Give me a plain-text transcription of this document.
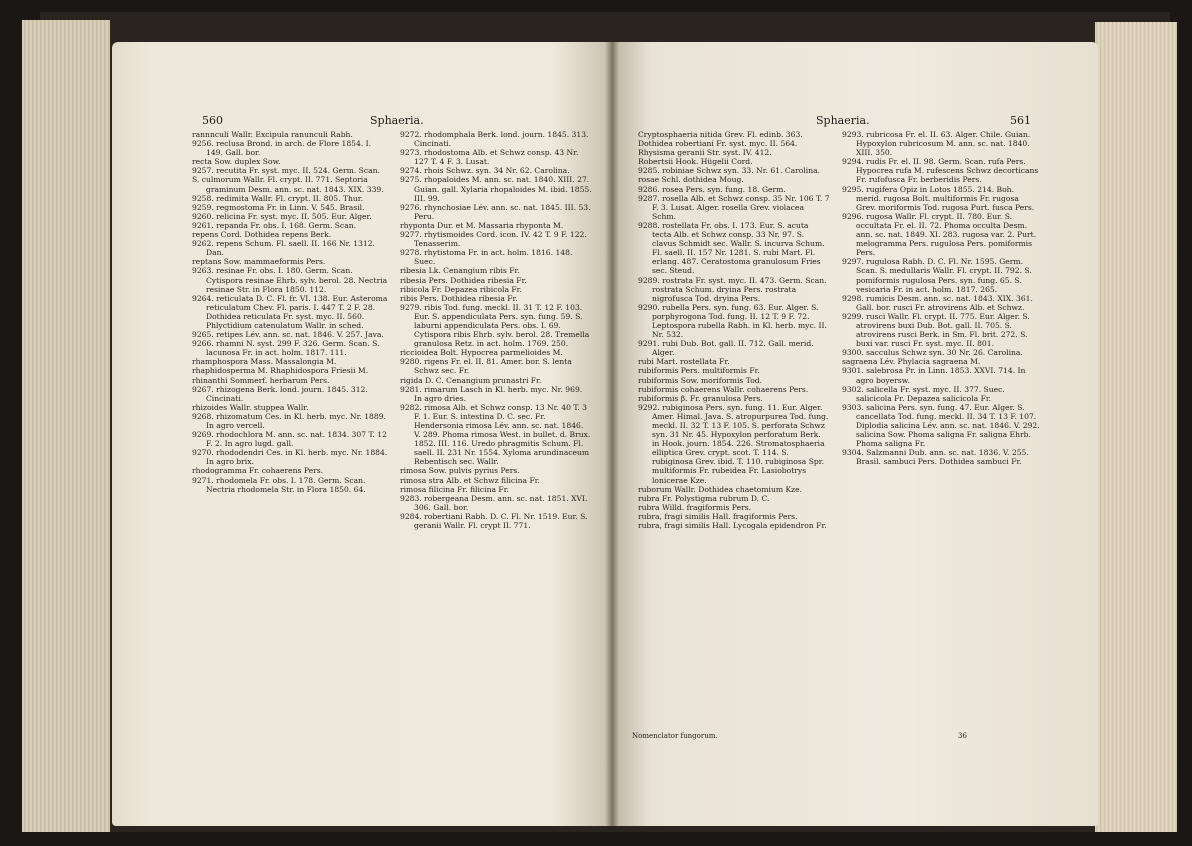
560	Sphaeria.

rannnculi Wallr. Excipula ranunculi Rabh.

9256. reclusa Brond. in arch. de Flore 1854. I. 149. Gall. bor.

recta Sow. duplex Sow.

9257. recutita Fr. syst. myc. II. 524. Germ. Scan.

S. culmorum Wallr. Fl. crypt. II. 771. Septoria graminum Desm. ann. sc. nat. 1843. XIX. 339.

9258. redimita Wallr. Fl. crypt. II. 805. Thur.

9259. regmostoma Fr. in Linn. V. 545. Brasil.

9260. relicina Fr. syst. myc. II. 505. Eur. Alger.

9261. repanda Fr. obs. I. 168. Germ. Scan.

repens Cord. Dothidea repens Berk.

9262. repens Schum. Fl. saell. II. 166 Nr. 1312. Dan.

reptans Sow. mammaeformis Pers.

9263. resinae Fr. obs. I. 180. Germ. Scan. Cytispora resinae Ehrb. sylv. berol. 28. Nectria resinae Str. in Flora 1850. 112.

9264. reticulata D. C. Fl. fr. VI. 138. Eur. Asteroma reticulatum Chev. Fl. paris. I. 447 T. 2 F. 28. Dothidea reticulata Fr. syst. myc. II. 560. Phlyctidium catenulatum Wallr. in sched.

9265. retipes Lév. ann. sc. nat. 1846. V. 257. Java.

9266. rhamni N. syst. 299 F. 326. Germ. Scan. S. lacunosa Fr. in act. holm. 1817. 111.

rhamphospora Mass. Massalongia M.

rhaphidosperma M. Rhaphidospora Friesii M.

rhinanthi Sommerf. herbarum Pers.

9267. rhizogena Berk. lond. journ. 1845. 312. Cincinati.

rhizoides Wallr. stuppea Wallr.

9268. rhizomatum Ces. in Kl. herb. myc. Nr. 1889. In agro vercell.

9269. rhodochlora M. ann. sc. nat. 1834. 307 T. 12 F. 2. In agro lugd. gall.

9270. rhododendri Ces. in Kl. herb. myc. Nr. 1884. In agro brix.

rhodogramma Fr. cohaerens Pers.

9271. rhodomela Fr. obs. I. 178. Germ. Scan. Nectria rhodomela Str. in Flora 1850. 64.

9272. rhodomphala Berk. lond. journ. 1845. 313. Cincinati.

9273. rhodostoma Alb. et Schwz consp. 43 Nr. 127 T. 4 F. 3. Lusat.

9274. rhois Schwz. syn. 34 Nr. 62. Carolina.

9275. rhopaloides M. ann. sc. nat. 1840. XIII. 27. Guian. gall. Xylaria rhopaloides M. ibid. 1855. III. 99.

9276. rhynchosiae Lév. ann. sc. nat. 1845. III. 53. Peru.

rhyponta Dur. et M. Massaria rhyponta M.

9277. rhytismoides Cord. icon. IV. 42 T. 9 F. 122. Tenasserim.

9278. rhytistoma Fr. in act. holm. 1816. 148. Suec.

ribesia Lk. Cenangium ribis Fr.

ribesia Pers. Dothidea ribesia Fr.

ribicola Fr. Depazea ribicola Fr.

ribis Pers. Dothidea ribesia Fr.

9279. ribis Tod. fung. meckl. II. 31 T. 12 F. 103. Eur. S. appendiculata Pers. syn. fung. 59. S. laburni appendiculata Pers. obs. I. 69. Cytispora ribis Ehrb. sylv. berol. 28. Tremella granulosa Retz. in act. holm. 1769. 250.

riccioidea Bolt. Hypocrea parmelioides M.

9280. rigens Fr. el. II. 81. Amer. bor. S. lenta Schwz sec. Fr.

rigida D. C. Cenangium prunastri Fr.

9281. rimarum Lasch in Kl. herb. myc. Nr. 969. In agro dries.

9282. rimosa Alb. et Schwz consp. 13 Nr. 40 T. 3 F. 1. Eur. S. intestina D. C. sec. Fr. Hendersonia rimosa Lév. ann. sc. nat. 1846. V. 289. Phoma rimosa West. in bullet. d. Brux. 1852. III. 116. Uredo phragmitis Schum. Fl. saell. II. 231 Nr. 1554. Xyloma arundinaceum Rebentisch sec. Wallr.

rimosa Sow. pulvis pyrius Pers.

rimosa stra Alb. et Schwz filicina Fr.

rimosa filicina Fr. filicina Fr.

9283. robergeana Desm. ann. sc. nat. 1851. XVI. 306. Gall. bor.

9284. robertiani Rabh. D. C. Fl. Nr. 1519. Eur. S. geranii Wallr. Fl. crypt II. 771.

Sphaeria.	561

Cryptosphaeria nitida Grev. Fl. edinb. 363.

Dothidea robertiani Fr. syst. myc. II. 564.

Rhysisma geranii Str. syst. IV. 412.

Robertsii Hook. Hügelii Cord.

9285. robiniae Schwz syn. 33. Nr. 61. Carolina.

rosae Schl. dothidea Moug.

9286. rosea Pers. syn. fung. 18. Germ.

9287. rosella Alb. et Schwz consp. 35 Nr. 106 T. 7 F. 3. Lusat. Alger. rosella Grev. violacea Schm.

9288. rostellata Fr. obs. I. 173. Eur. S. acuta tecta Alb. et Schwz consp. 33 Nr. 97. S. clavus Schmidt sec. Wallr. S. incurva Schum. Fl. saell. II. 157 Nr. 1281. S. rubi Mart. Fl. erlang. 487. Ceratostoma granulosum Fries sec. Steud.

9289. rostrata Fr. syst. myc. II. 473. Germ. Scan. rostrata Schum. dryina Pers. rostrata nigrofusca Tod. dryina Pers.

9290. rubella Pers. syn. fung. 63. Eur. Alger. S. porphyrogona Tod. fung. II. 12 T. 9 F. 72. Leptospora rubella Rabh. in Kl. herb. myc. II. Nr. 532.

9291. rubi Dub. Bot. gall. II. 712. Gall. merid. Alger.

rubi Mart. rostellata Fr.

rubiformis Pers. multiformis Fr.

rubiformis Sow. moriformis Tod.

rubiformis cohaerens Wallr. cohaerens Pers.

rubiformis β. Fr. granulosa Pers.

9292. rubiginosa Pers. syn. fung. 11. Eur. Alger. Amer. Himal. Java. S. atropurpurea Tod. fung. meckl. II. 32 T. 13 F. 105. S. perforata Schwz syn. 31 Nr. 45. Hypoxylon perforatum Berk. in Hook. journ. 1854. 226. Stromatosphaeria elliptica Grev. crypt. scot. T. 114. S. rubiginosa Grev. ibid. T. 110. rubiginosa Spr. multiformis Fr. rubeidea Fr. Lasiobotrys lonicerae Kze.

ruborum Wallr. Dothidea chaetomium Kze.

rubra Fr. Polystigma rubrum D. C.

rubra Willd. fragiformis Pers.

rubra, fragi similis Hall. fragiformis Pers.

rubra, fragi similis Hall. Lycogala epidendron Fr.

9293. rubricosa Fr. el. II. 63. Alger. Chile. Guian. Hypoxylon rubricosum M. ann. sc. nat. 1840. XIII. 350.

9294. rudis Fr. el. II. 98. Germ. Scan. rufa Pers. Hypocrea rufa M. rufescens Schwz decorticans Fr. rufofusca Fr. berberidis Pers.

9295. rugifera Opiz in Lotos 1855. 214. Boh. merid. rugosa Bolt. multiformis Fr. rugosa Grev. moriformis Tod. rugosa Purt. fusca Pers.

9296. rugosa Wallr. Fl. crypt. II. 780. Eur. S. occultata Fr. el. II. 72. Phoma occulta Desm. ann. sc. nat. 1849. XI. 283. rugosa var. 2. Purt. melogramma Pers. rugulosa Pers. pomiformis Pers.

9297. rugulosa Rabh. D. C. Fl. Nr. 1595. Germ. Scan. S. medullaris Wallr. Fl. crypt. II. 792. S. pomiformis rugulosa Pers. syn. fung. 65. S. vesicaria Fr. in act. holm. 1817. 265.

9298. rumicis Desm. ann. sc. nat. 1843. XIX. 361. Gall. bor. rusci Fr. atrovirens Alb. et Schwz.

9299. rusci Wallr. Fl. crypt. II. 775. Eur. Alger. S. atrovirens buxi Dub. Bot. gall. II. 705. S. atrovirens rusci Berk. in Sm. Fl. brit. 272. S. buxi var. rusci Fr. syst. myc. II. 801.

9300. sacculus Schwz syn. 30 Nr. 26. Carolina.

sagraena Lév. Phylacia sagraena M.

9301. salebrosa Pr. in Linn. 1853. XXVI. 714. In agro boyersw.

9302. salicella Fr. syst. myc. II. 377. Suec. salicicola Fr. Depazea salicicola Fr.

9303. salicina Pers. syn. fung. 47. Eur. Alger. S. cancellata Tod. fung. meckl. II. 34 T. 13 F. 107. Diplodia salicina Lév. ann. sc. nat. 1846. V. 292. salicina Sow. Phoma saligna Fr. saligna Ehrb. Phoma saligna Fr.

9304. Salzmanni Dub. ann. sc. nat. 1836. V. 255. Brasil. sambuci Pers. Dothidea sambuci Fr.

Nomenclator fungorum.	36
